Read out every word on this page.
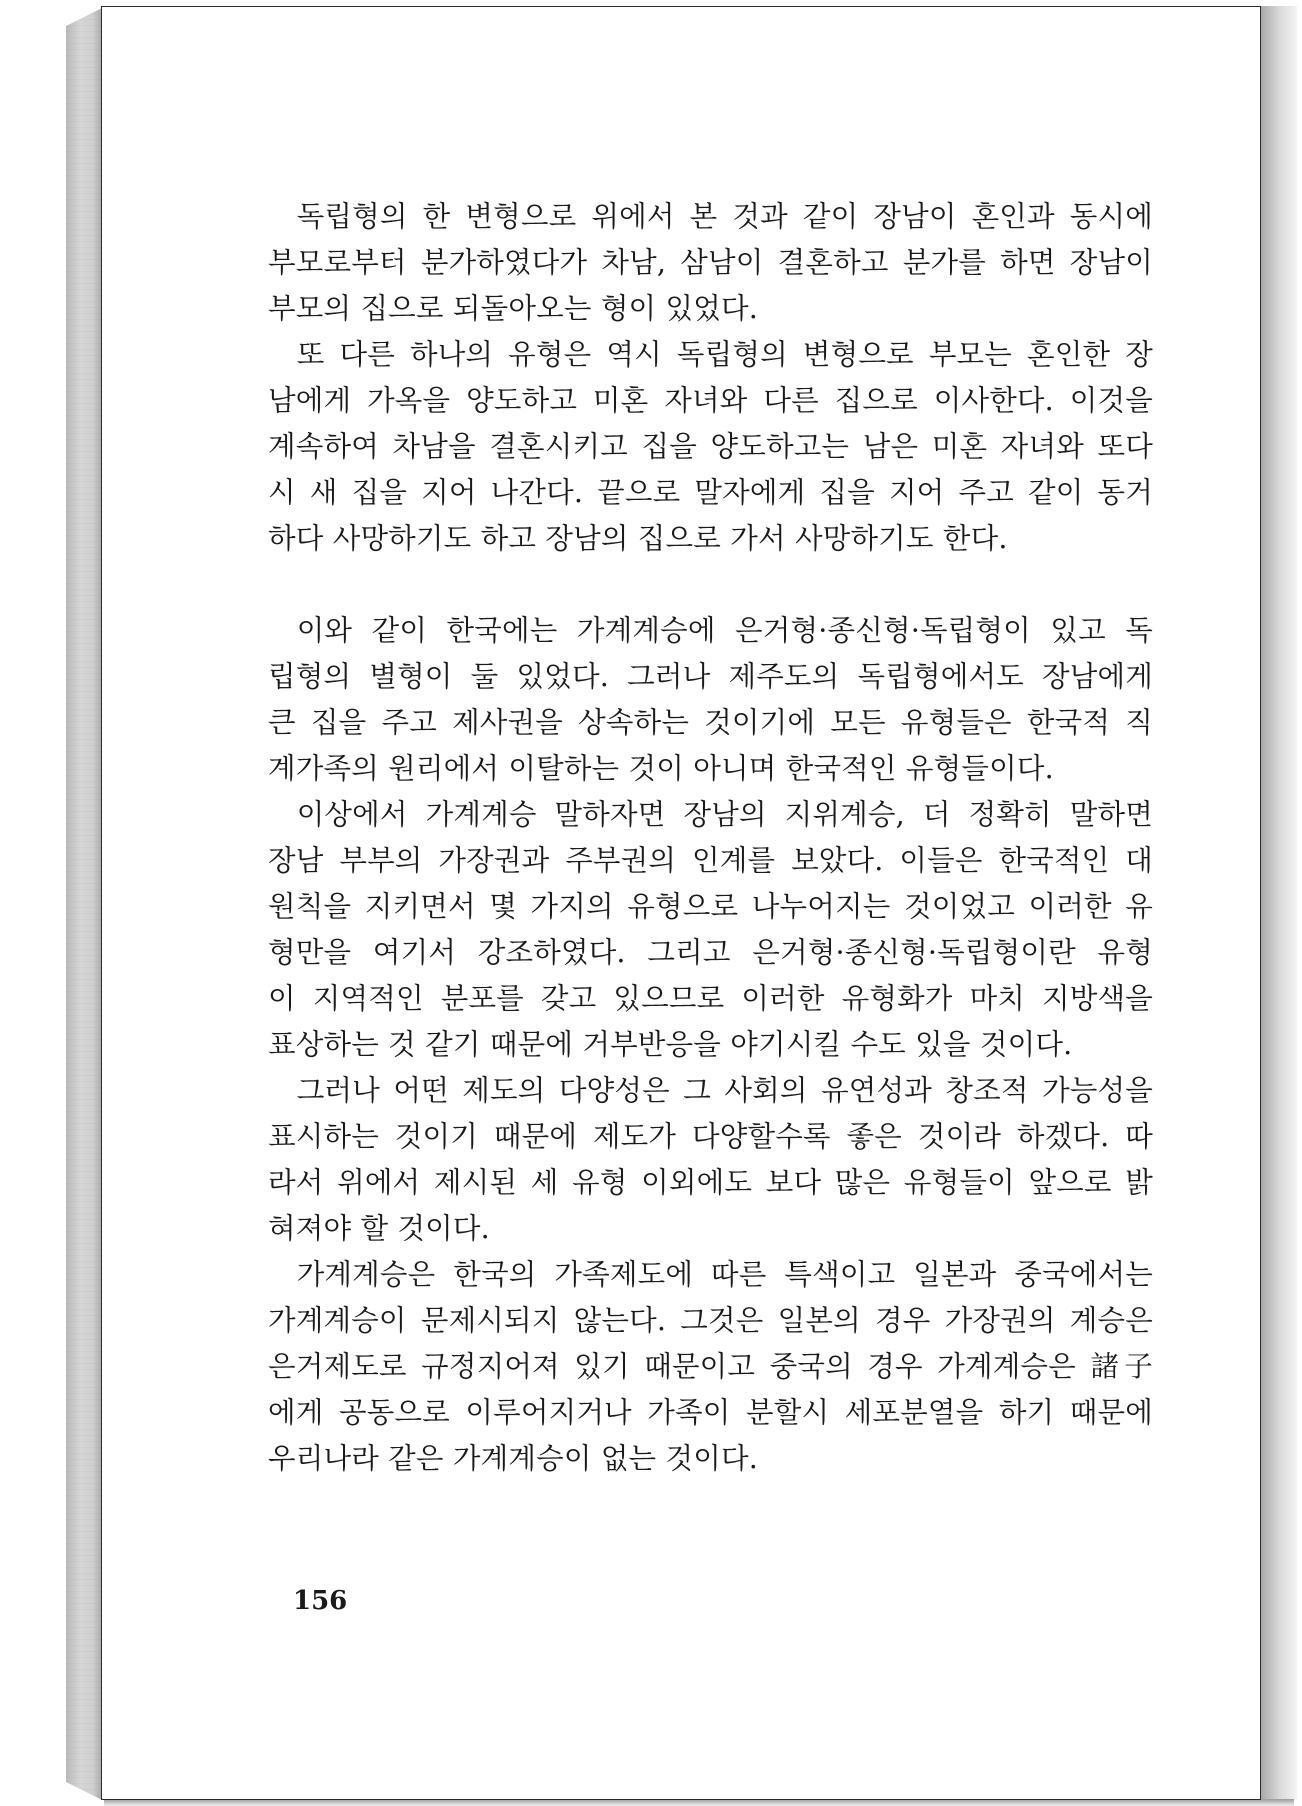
 독립형의 한 변형으로 위에서 본 것과 같이 장남이 혼인과 동시에
부모로부터 분가하였다가 차남, 삼남이 결혼하고 분가를 하면 장남이
부모의 집으로 되돌아오는 형이 있었다.
 또 다른 하나의 유형은 역시 독립형의 변형으로 부모는 혼인한 장
남에게 가옥을 양도하고 미혼 자녀와 다른 집으로 이사한다. 이것을
계속하여 차남을 결혼시키고 집을 양도하고는 남은 미혼 자녀와 또다
시 새 집을 지어 나간다. 끝으로 말자에게 집을 지어 주고 같이 동거
하다 사망하기도 하고 장남의 집으로 가서 사망하기도 한다.
 이와 같이 한국에는 가계계승에 은거형·종신형·독립형이 있고 독
립형의 별형이 둘 있었다. 그러나 제주도의 독립형에서도 장남에게
큰 집을 주고 제사권을 상속하는 것이기에 모든 유형들은 한국적 직
계가족의 원리에서 이탈하는 것이 아니며 한국적인 유형들이다.
 이상에서 가계계승 말하자면 장남의 지위계승, 더 정확히 말하면
장남 부부의 가장권과 주부권의 인계를 보았다. 이들은 한국적인 대
원칙을 지키면서 몇 가지의 유형으로 나누어지는 것이었고 이러한 유
형만을 여기서 강조하였다. 그리고 은거형·종신형·독립형이란 유형
이 지역적인 분포를 갖고 있으므로 이러한 유형화가 마치 지방색을
표상하는 것 같기 때문에 거부반응을 야기시킬 수도 있을 것이다.
 그러나 어떤 제도의 다양성은 그 사회의 유연성과 창조적 가능성을
표시하는 것이기 때문에 제도가 다양할수록 좋은 것이라 하겠다. 따
라서 위에서 제시된 세 유형 이외에도 보다 많은 유형들이 앞으로 밝
혀져야 할 것이다.
 가계계승은 한국의 가족제도에 따른 특색이고 일본과 중국에서는
가계계승이 문제시되지 않는다. 그것은 일본의 경우 가장권의 계승은
은거제도로 규정지어져 있기 때문이고 중국의 경우 가계계승은 諸子
에게 공동으로 이루어지거나 가족이 분할시 세포분열을 하기 때문에
우리나라 같은 가계계승이 없는 것이다.
156
